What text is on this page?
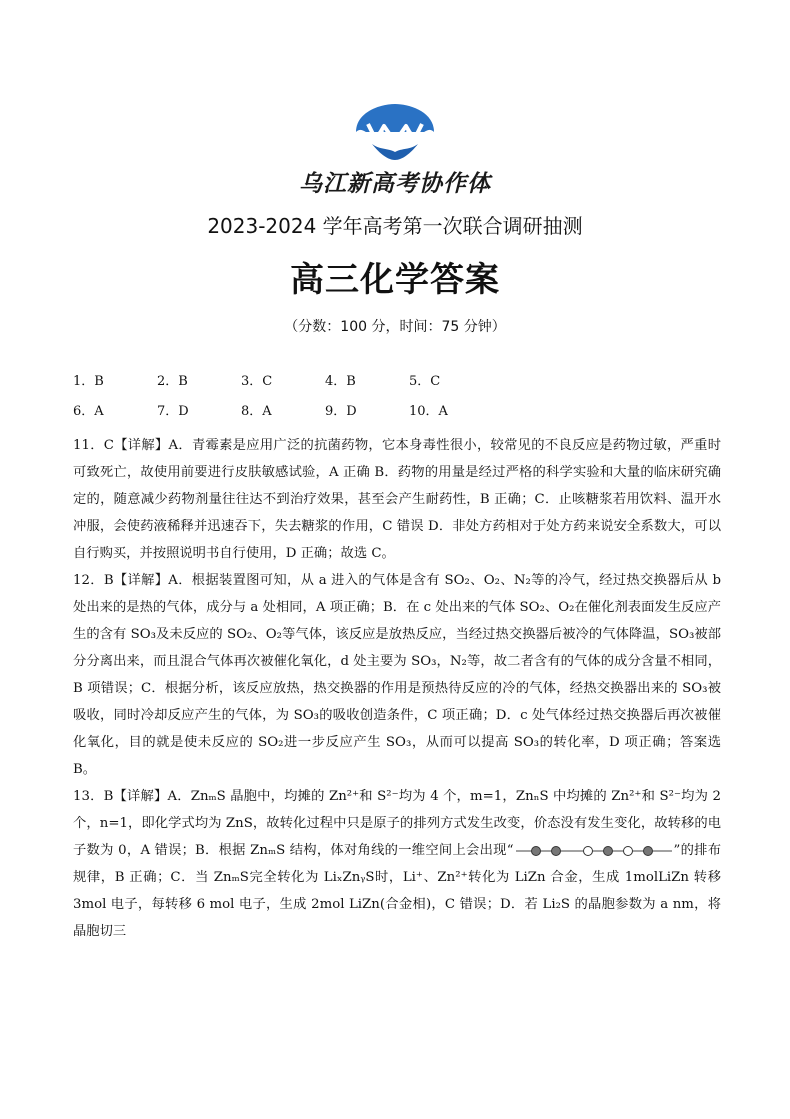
乌江新高考协作体
2023-2024 学年高考第一次联合调研抽测
高三化学答案
（分数：100 分，时间：75 分钟）
1．B	2．B	3．C	4．B	5．C
6．A	7．D	8．A	9．D	10．A

11．C【详解】A．青霉素是应用广泛的抗菌药物，它本身毒性很小，较常见的不良反应是药物过敏，严重时可致死亡，故使用前要进行皮肤敏感试验，A 正确 B．药物的用量是经过严格的科学实验和大量的临床研究确定的，随意减少药物剂量往往达不到治疗效果，甚至会产生耐药性，B 正确；C．止咳糖浆若用饮料、温开水冲服，会使药液稀释并迅速吞下，失去糖浆的作用，C 错误 D．非处方药相对于处方药来说安全系数大，可以自行购买，并按照说明书自行使用，D 正确；故选 C。

12．B【详解】A．根据装置图可知，从 a 进入的气体是含有 SO₂、O₂、N₂等的冷气，经过热交换器后从 b 处出来的是热的气体，成分与 a 处相同，A 项正确；B．在 c 处出来的气体 SO₂、O₂在催化剂表面发生反应产生的含有 SO₃及未反应的 SO₂、O₂等气体，该反应是放热反应，当经过热交换器后被冷的气体降温，SO₃被部分分离出来，而且混合气体再次被催化氧化，d 处主要为 SO₃，N₂等，故二者含有的气体的成分含量不相同，B 项错误；C．根据分析，该反应放热，热交换器的作用是预热待反应的冷的气体，经热交换器出来的 SO₃被吸收，同时冷却反应产生的气体，为 SO₃的吸收创造条件，C 项正确；D．c 处气体经过热交换器后再次被催化氧化，目的就是使未反应的 SO₂进一步反应产生 SO₃，从而可以提高 SO₃的转化率，D 项正确；答案选 B。

13．B【详解】A．ZnₘS 晶胞中，均摊的 Zn²⁺和 S²⁻均为 4 个，m=1，ZnₙS 中均摊的 Zn²⁺和 S²⁻均为 2 个，n=1，即化学式均为 ZnS，故转化过程中只是原子的排列方式发生改变，价态没有发生变化，故转移的电子数为 0，A 错误；B．根据 ZnₘS 结构，体对角线的一维空间上会出现“	”的排布规律，B 正确；C．当 ZnₘS完全转化为 LiₓZnᵧS时，Li⁺、Zn²⁺转化为 LiZn 合金，生成 1molLiZn 转移 3mol 电子，每转移 6 mol 电子，生成 2mol LiZn(合金相)，C 错误；D．若 Li₂S 的晶胞参数为 a nm，将晶胞切三
